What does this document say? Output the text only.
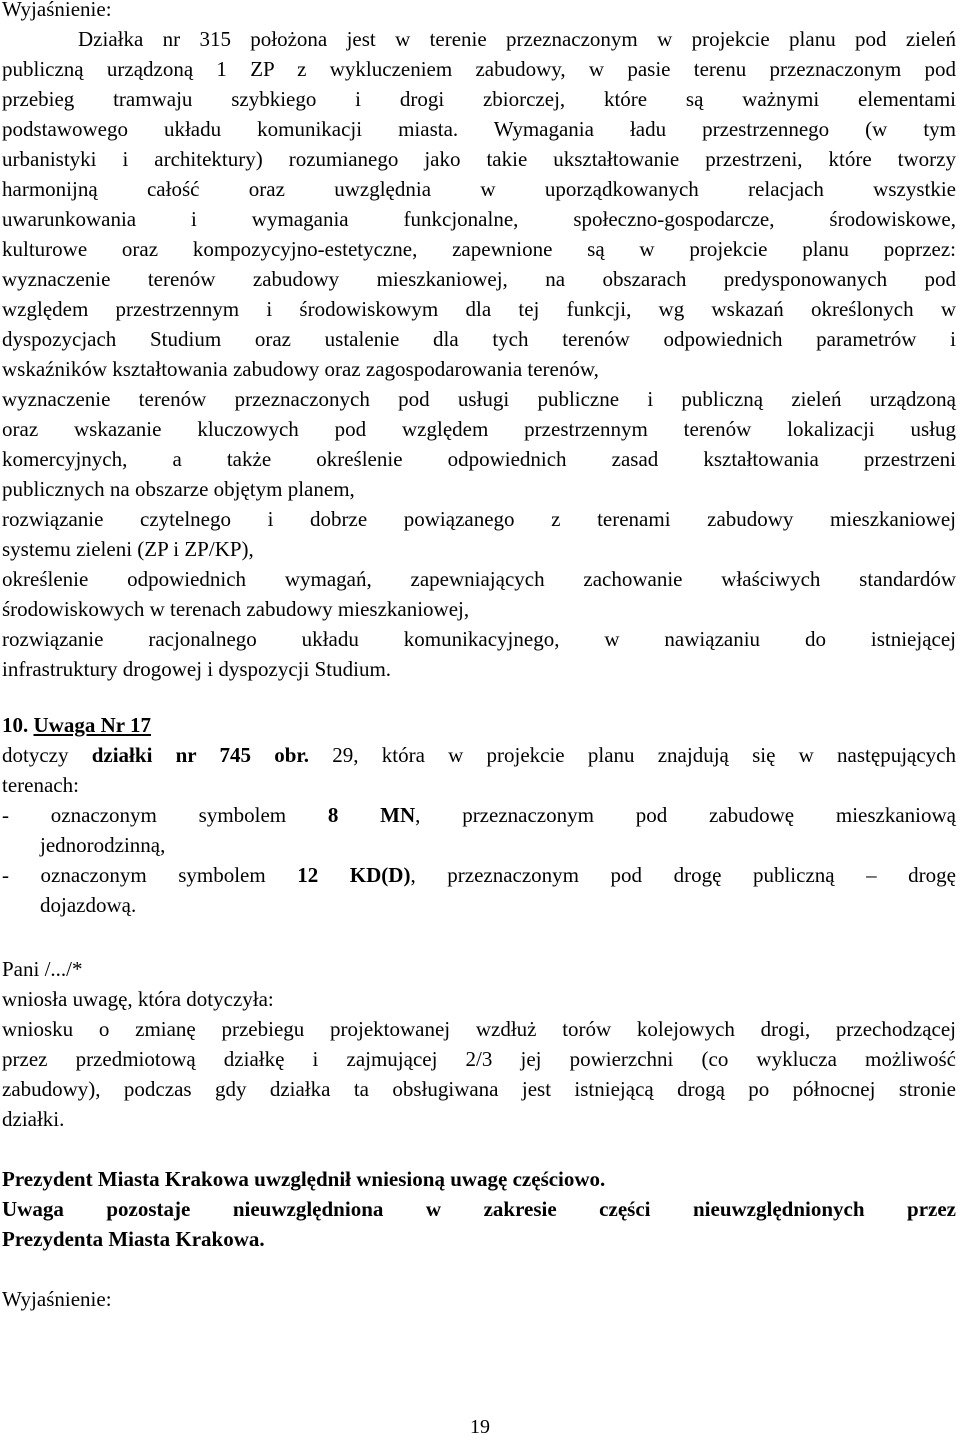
Wyjaśnienie:
Działka nr 315 położona jest w terenie przeznaczonym w projekcie planu pod zieleń
publiczną urządzoną 1 ZP z wykluczeniem zabudowy, w pasie terenu przeznaczonym pod
przebieg tramwaju szybkiego i drogi zbiorczej, które są ważnymi elementami
podstawowego układu komunikacji miasta. Wymagania ładu przestrzennego (w tym
urbanistyki i architektury) rozumianego jako takie ukształtowanie przestrzeni, które tworzy
harmonijną całość oraz uwzględnia w uporządkowanych relacjach wszystkie
uwarunkowania i wymagania funkcjonalne, społeczno-gospodarcze, środowiskowe,
kulturowe oraz kompozycyjno-estetyczne, zapewnione są w projekcie planu poprzez:
wyznaczenie terenów zabudowy mieszkaniowej, na obszarach predysponowanych pod
względem przestrzennym i środowiskowym dla tej funkcji, wg wskazań określonych w
dyspozycjach Studium oraz ustalenie dla tych terenów odpowiednich parametrów i
wskaźników kształtowania zabudowy oraz zagospodarowania terenów,
wyznaczenie terenów przeznaczonych pod usługi publiczne i publiczną zieleń urządzoną
oraz wskazanie kluczowych pod względem przestrzennym terenów lokalizacji usług
komercyjnych, a także określenie odpowiednich zasad kształtowania przestrzeni
publicznych na obszarze objętym planem,
rozwiązanie czytelnego i dobrze powiązanego z terenami zabudowy mieszkaniowej
systemu zieleni (ZP i ZP/KP),
określenie odpowiednich wymagań, zapewniających zachowanie właściwych standardów
środowiskowych w terenach zabudowy mieszkaniowej,
rozwiązanie racjonalnego układu komunikacyjnego, w nawiązaniu do istniejącej
infrastruktury drogowej i dyspozycji Studium.
10. Uwaga Nr 17
dotyczy działki nr 745 obr. 29, która w projekcie planu znajdują się w następujących
terenach:
- oznaczonym symbolem 8 MN, przeznaczonym pod zabudowę mieszkaniową
jednorodzinną,
- oznaczonym symbolem 12 KD(D), przeznaczonym pod drogę publiczną – drogę
dojazdową.
Pani /.../*
wniosła uwagę, która dotyczyła:
wniosku o zmianę przebiegu projektowanej wzdłuż torów kolejowych drogi, przechodzącej
przez przedmiotową działkę i zajmującej 2/3 jej powierzchni (co wyklucza możliwość
zabudowy), podczas gdy działka ta obsługiwana jest istniejącą drogą po północnej stronie
działki.
Prezydent Miasta Krakowa uwzględnił wniesioną uwagę częściowo.
Uwaga pozostaje nieuwzględniona w zakresie części nieuwzględnionych przez
Prezydenta Miasta Krakowa.
Wyjaśnienie:
19
